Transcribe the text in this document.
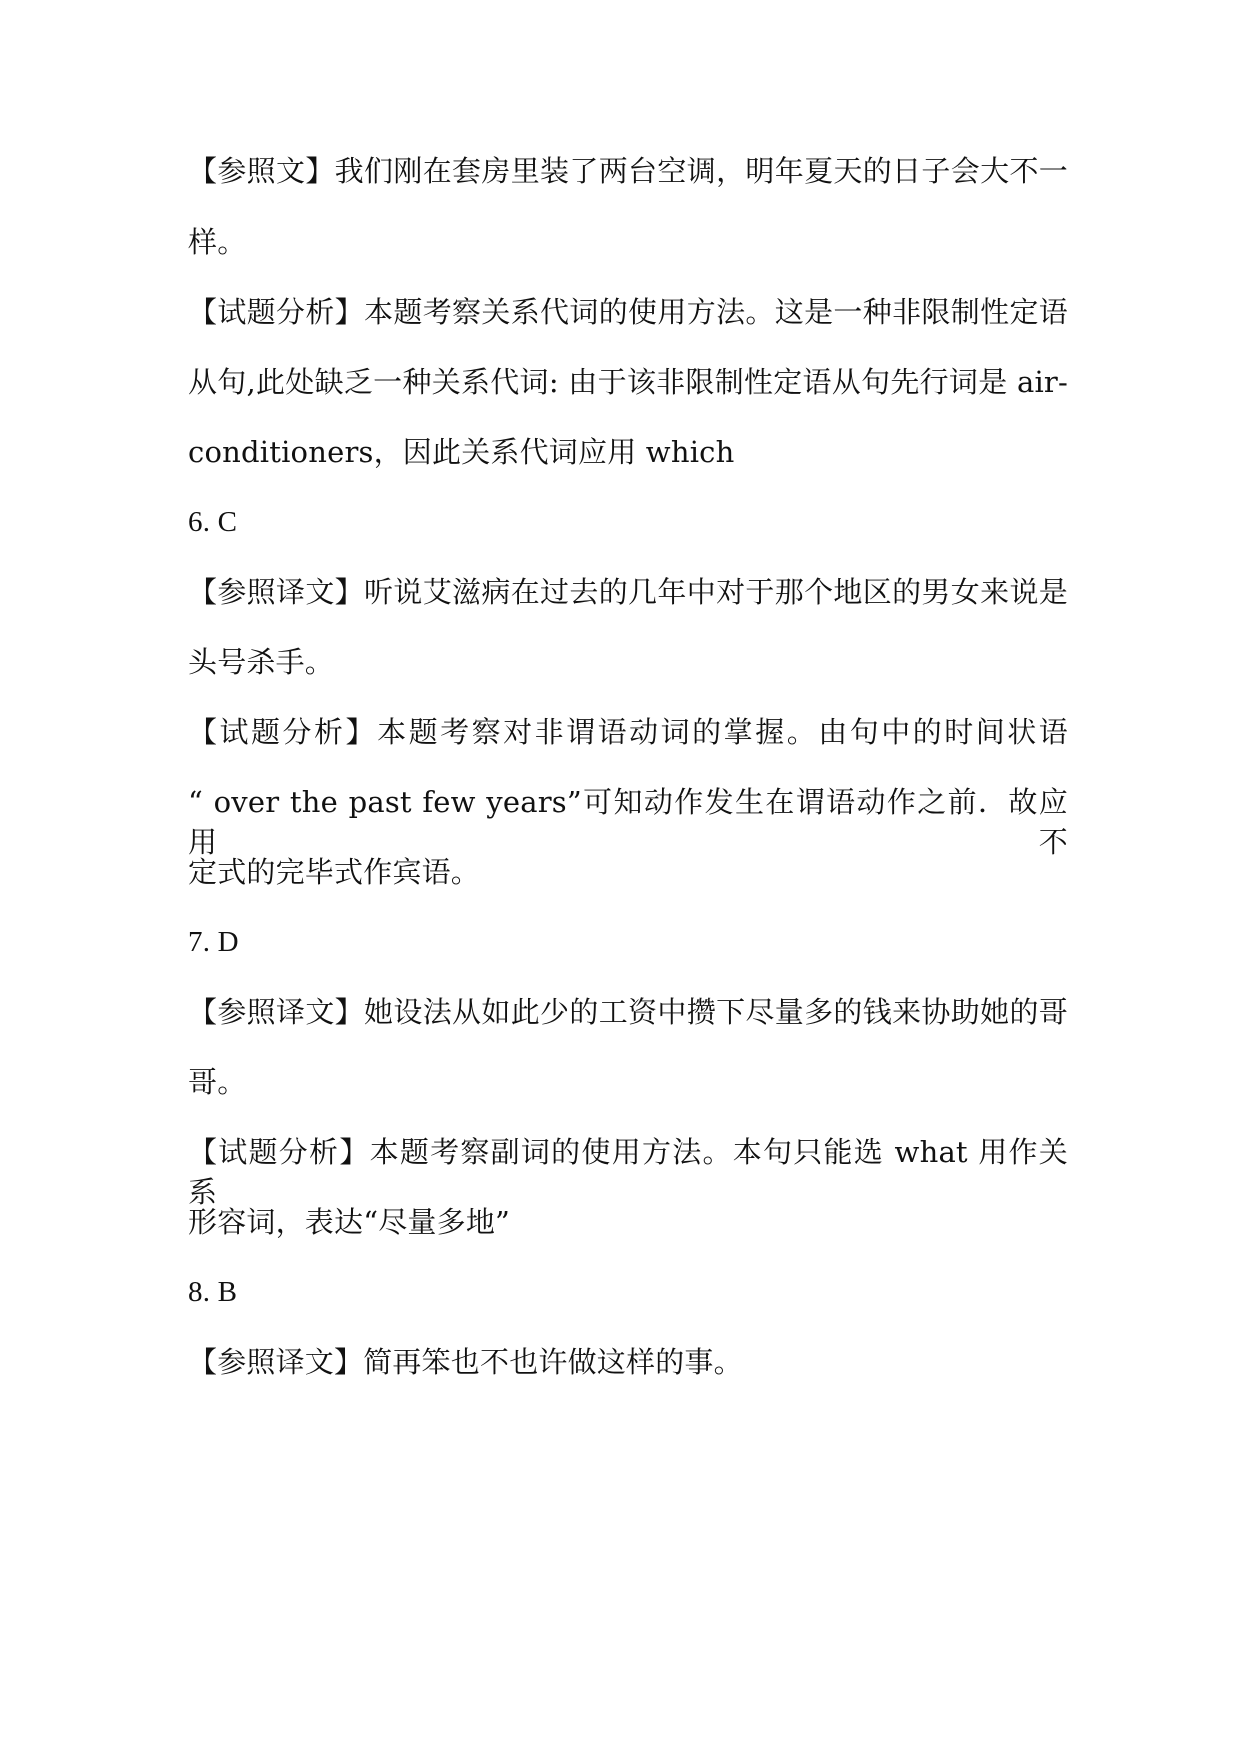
【参照文】我们刚在套房里装了两台空调，明年夏天的日子会大不一
样。
【试题分析】本题考察关系代词的使用方法。这是一种非限制性定语
从句,此处缺乏一种关系代词: 由于该非限制性定语从句先行词是 air-
conditioners，因此关系代词应用 which
6. C
【参照译文】听说艾滋病在过去的几年中对于那个地区的男女来说是
头号杀手。
【试题分析】本题考察对非谓语动词的掌握。由句中的时间状语
“ over the past few years”可知动作发生在谓语动作之前．故应用不
定式的完毕式作宾语。
7. D
【参照译文】她设法从如此少的工资中攒下尽量多的钱来协助她的哥
哥。
【试题分析】本题考察副词的使用方法。本句只能选 what 用作关系
形容词，表达“尽量多地”
8. B
【参照译文】简再笨也不也许做这样的事。
